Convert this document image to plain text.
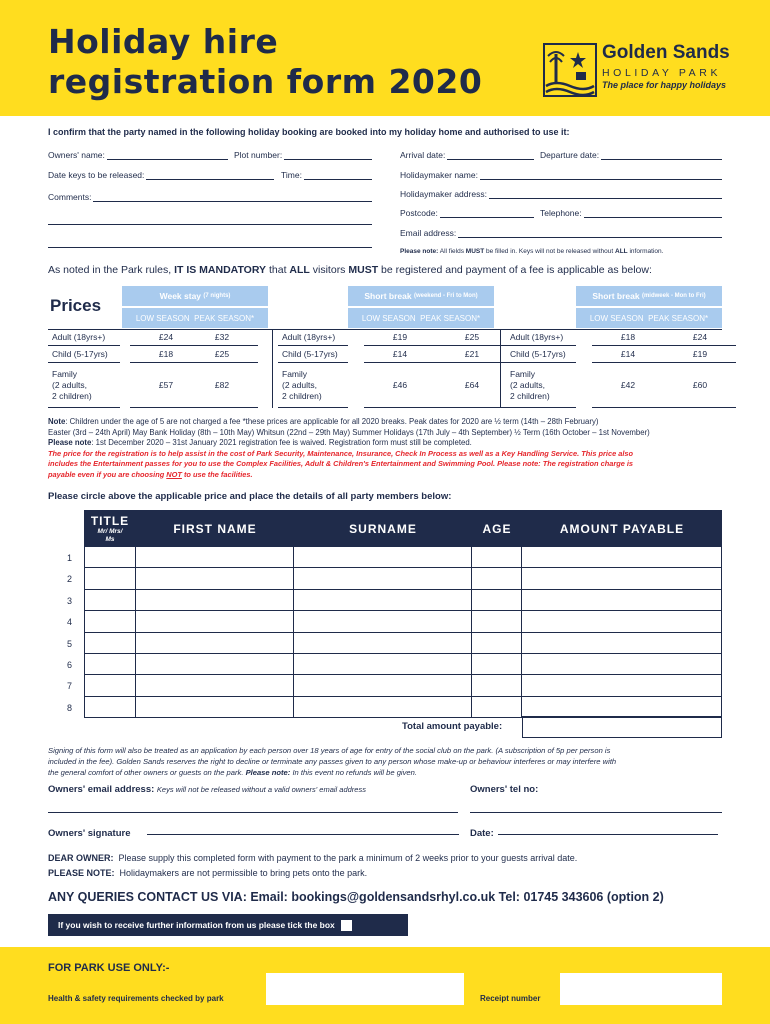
Holiday hire
registration form 2020
Golden Sands
HOLIDAY PARK
The place for happy holidays
I confirm that the party named in the following holiday booking are booked into my holiday home and authorised to use it:
Owners' name:	Plot number:
Date keys to be released:	Time:
Comments:
Arrival date:	Departure date:
Holidaymaker name:
Holidaymaker address:
Postcode:	Telephone:
Email address:
Please note: All fields MUST be filled in. Keys will not be released without ALL information.
As noted in the Park rules, IT IS MANDATORY that ALL visitors MUST be registered and payment of a fee is applicable as below:
Prices	Week stay
(7 nights)
LOW SEASON
PEAK SEASON*
Short break
(weekend - Fri to Mon)
LOW SEASON
PEAK SEASON*
Short break
(midweek - Mon to Fri)
LOW SEASON
PEAK SEASON*
Adult (18yrs+)	£24	£32	Adult (18yrs+)	£19	£25	Adult (18yrs+)	£18	£24
Child (5-17yrs)	£18	£25	Child (5-17yrs)	£14	£21	Child (5-17yrs)	£14	£19
Family
(2 adults,
2 children)
£57	£82
Family
(2 adults,
2 children)
£46	£64
Family
(2 adults,
2 children)
£42	£60
Note: Children under the age of 5 are not charged a fee *these prices are applicable for all 2020 breaks. Peak dates for 2020 are ½ term (14th – 28th February)
Easter (3rd – 24th April) May Bank Holiday (8th – 10th May) Whitsun (22nd – 29th May) Summer Holidays (17th July – 4th September) ½ Term (16th October – 1st November)
Please note: 1st December 2020 – 31st January 2021 registration fee is waived. Registration form must still be completed.
The price for the registration is to help assist in the cost of Park Security, Maintenance, Insurance, Check In Process as well as a Key Handling Service. This price also
includes the Entertainment passes for you to use the Complex Facilities, Adult & Children's Entertainment and Swimming Pool. Please note: The registration charge is
payable even if you are choosing NOT to use the facilities.
Please circle above the applicable price and place the details of all party members below:
TITLE
Mr/ Mrs/ Ms
FIRST NAME	SURNAME	AGE	AMOUNT PAYABLE
1
2
3
4
5
6
7
8
Total amount payable:
Signing of this form will also be treated as an application by each person over 18 years of age for entry of the social club on the park. (A subscription of 5p per person is
included in the fee). Golden Sands reserves the right to decline or terminate any passes given to any person whose make-up or behaviour interferes or may interfere with
the general comfort of other owners or guests on the park. Please note: In this event no refunds will be given.
Owners' email address: Keys will not be released without a valid owners' email address	Owners' tel no:
Owners' signature	Date:
DEAR OWNER: Please supply this completed form with payment to the park a minimum of 2 weeks prior to your guests arrival date.
PLEASE NOTE: Holidaymakers are not permissible to bring pets onto the park.
ANY QUERIES CONTACT US VIA: Email: bookings@goldensandsrhyl.co.uk Tel: 01745 343606 (option 2)
If you wish to receive further information from us please tick the box
FOR PARK USE ONLY:-
Health & safety requirements checked by park	Receipt number
